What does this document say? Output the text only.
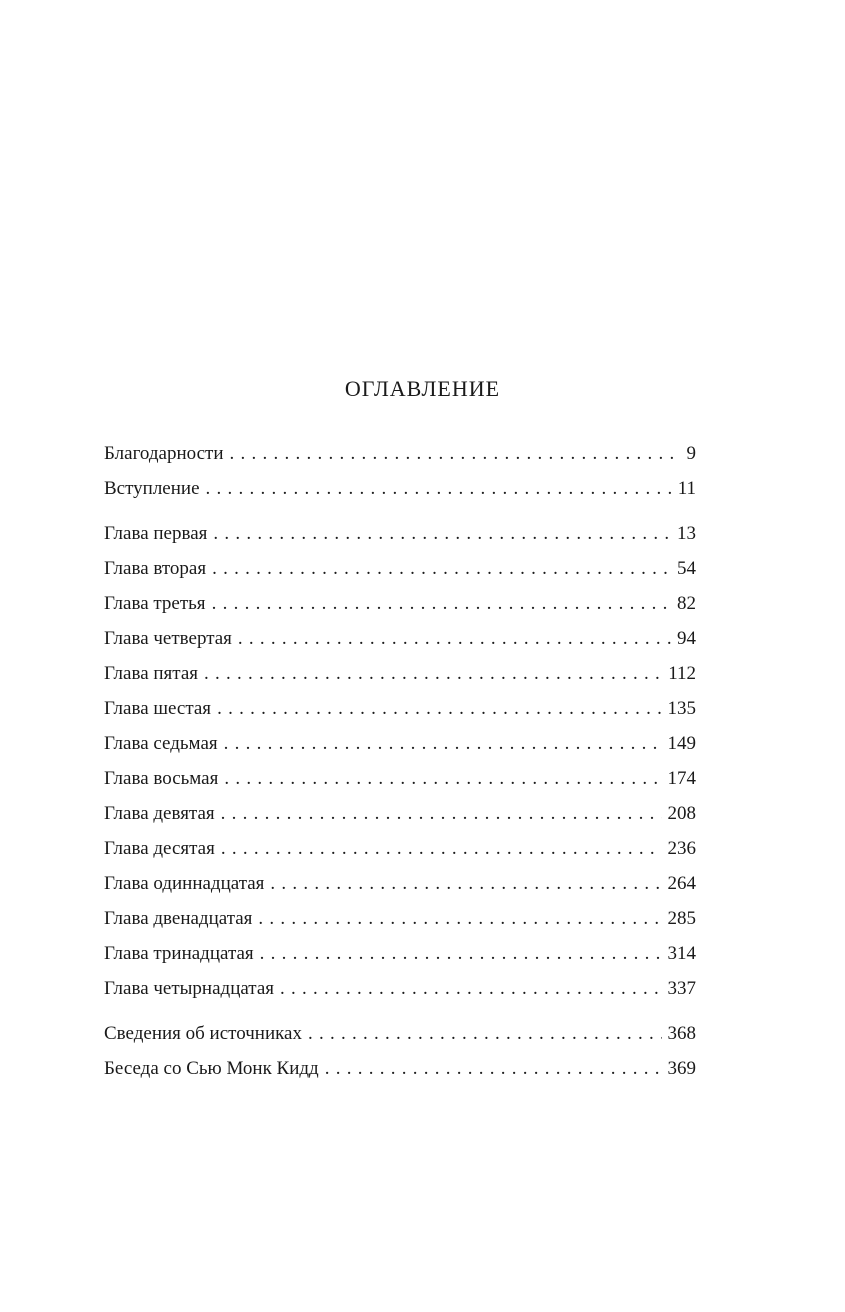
ОГЛАВЛЕНИЕ
Благодарности . . .	9
Вступление . . .	11
Глава первая . . .	13
Глава вторая . . .	54
Глава третья . . .	82
Глава четвертая . . .	94
Глава пятая . . .	112
Глава шестая . . .	135
Глава седьмая . . .	149
Глава восьмая . . .	174
Глава девятая . . .	208
Глава десятая . . .	236
Глава одиннадцатая . . .	264
Глава двенадцатая . . .	285
Глава тринадцатая . . .	314
Глава четырнадцатая . . .	337
Сведения об источниках . . .	368
Беседа со Сью Монк Кидд . . .	369
